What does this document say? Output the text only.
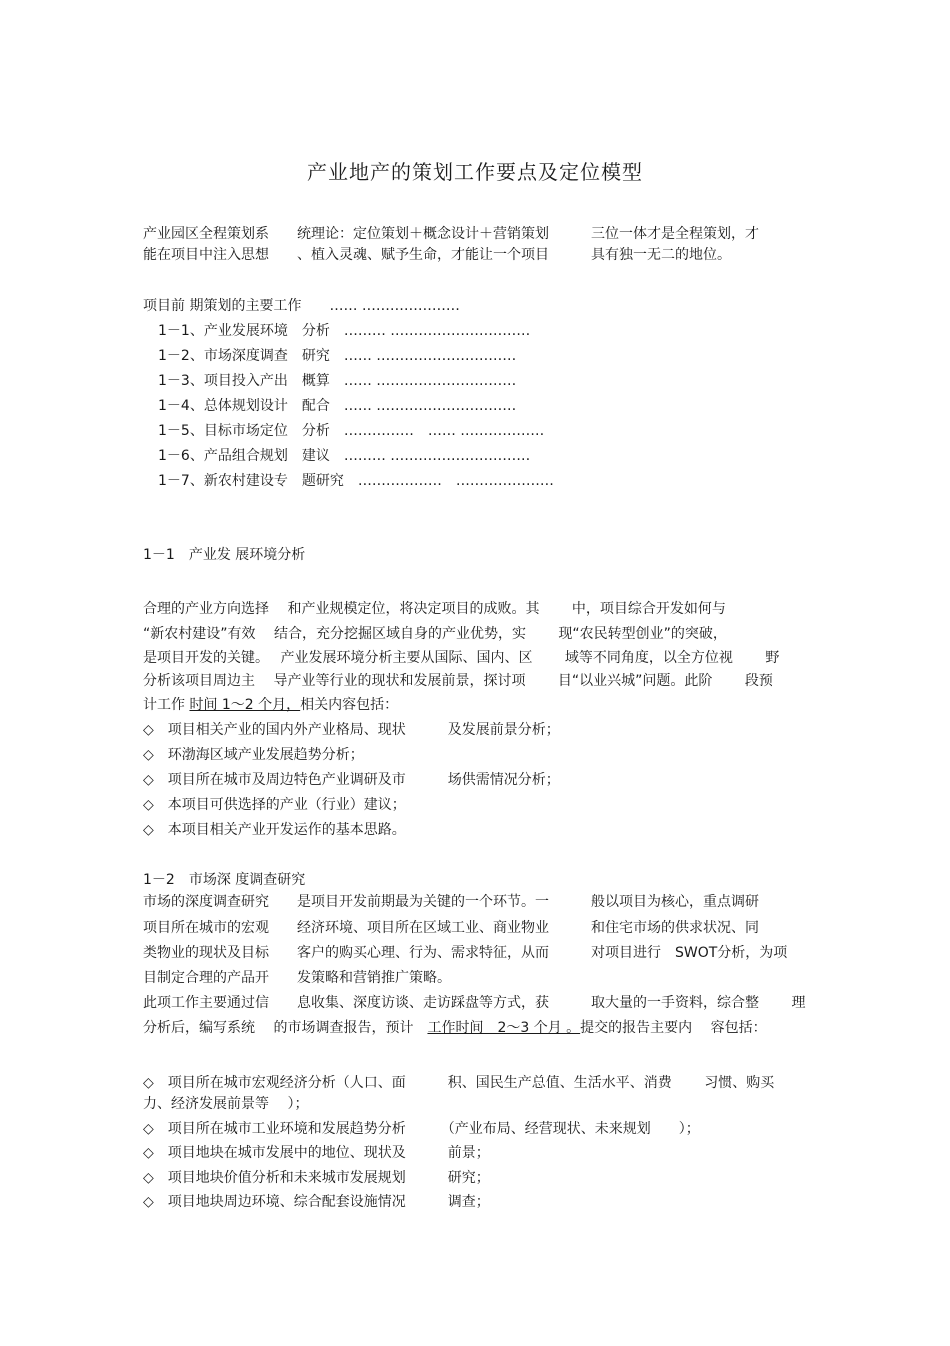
产业地产的策划工作要点及定位模型
产业园区全程策划系　　统理论：定位策划＋概念设计＋营销策划　　　三位一体才是全程策划，才
能在项目中注入思想　　、植入灵魂、赋予生命，才能让一个项目　　　具有独一无二的地位。
项目前 期策划的主要工作　　…… …………………
1－1、产业发展环境　分析　……… …………………………
1－2、市场深度调查　研究　…… …………………………
1－3、项目投入产出　概算　…… …………………………
1－4、总体规划设计　配合　…… …………………………
1－5、目标市场定位　分析　……………　…… ………………
1－6、产品组合规划　建议　……… …………………………
1－7、新农村建设专　题研究　………………　…………………
1－1　产业发 展环境分析
合理的产业方向选择　 和产业规模定位，将决定项目的成败。其　　 中，项目综合开发如何与
“新农村建设”有效　 结合，充分挖掘区域自身的产业优势，实　　 现“农民转型创业”的突破，
是项目开发的关键。　 产业发展环境分析主要从国际、国内、区　　 域等不同角度，以全方位视　　 野
分析该项目周边主　 导产业等行业的现状和发展前景，探讨项　　 目“以业兴城”问题。此阶　　 段预
计工作 时间 1～2 个月，相关内容包括：
◇　项目相关产业的国内外产业格局、现状　　　及发展前景分析；
◇　环渤海区域产业发展趋势分析；
◇　项目所在城市及周边特色产业调研及市　　　场供需情况分析；
◇　本项目可供选择的产业（行业）建议；
◇　本项目相关产业开发运作的基本思路。
1－2　市场深 度调查研究
市场的深度调查研究　　是项目开发前期最为关键的一个环节。一　　　般以项目为核心，重点调研
项目所在城市的宏观　　经济环境、项目所在区域工业、商业物业　　　和住宅市场的供求状况、同
类物业的现状及目标　　客户的购买心理、行为、需求特征，从而　　　对项目进行　SWOT分析，为项
目制定合理的产品开　　发策略和营销推广策略。
此项工作主要通过信　　息收集、深度访谈、走访踩盘等方式，获　　　取大量的一手资料，综合整　　 理
分析后，编写系统　 的市场调查报告，预计　工作时间　2～3 个月 。提交的报告主要内　 容包括：
◇　项目所在城市宏观经济分析（人口、面　　　积、国民生产总值、生活水平、消费　　 习惯、购买
力、经济发展前景等　 ）；
◇　项目所在城市工业环境和发展趋势分析　　　（产业布局、经营现状、未来规划　　）；
◇　项目地块在城市发展中的地位、现状及　　　前景；
◇　项目地块价值分析和未来城市发展规划　　　研究；
◇　项目地块周边环境、综合配套设施情况　　　调查；
